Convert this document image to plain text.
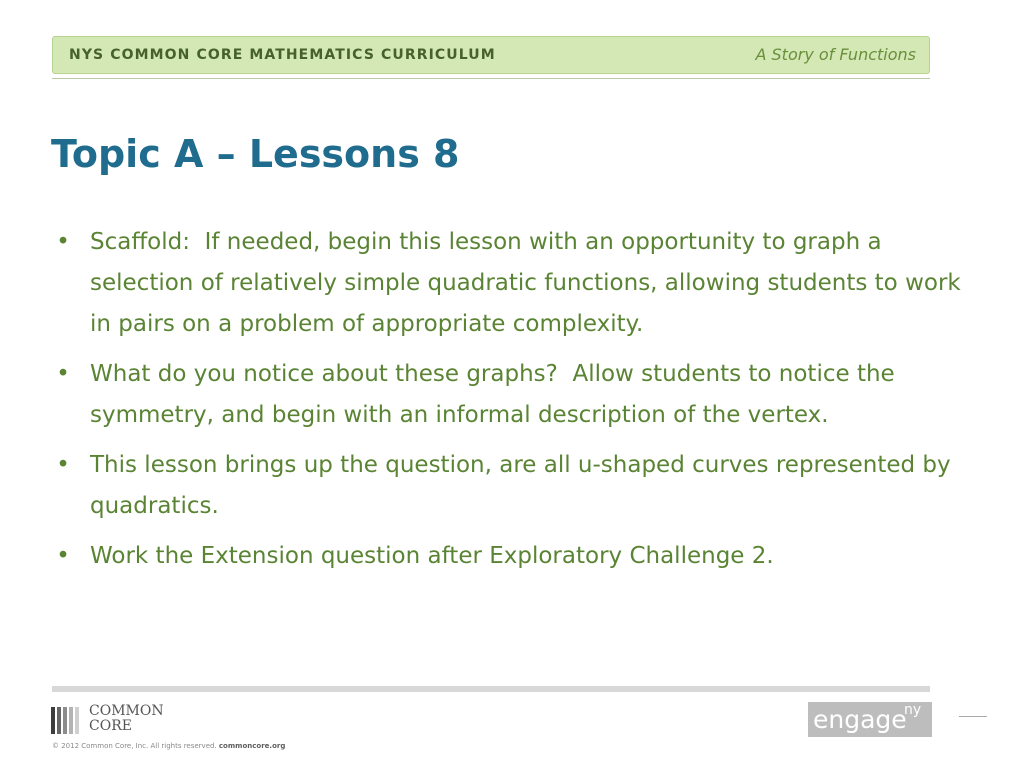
NYS COMMON CORE MATHEMATICS CURRICULUM	A Story of Functions
Topic A – Lessons 8
• Scaffold:  If needed, begin this lesson with an opportunity to graph a selection of relatively simple quadratic functions, allowing students to work in pairs on a problem of appropriate complexity.
• What do you notice about these graphs?  Allow students to notice the symmetry, and begin with an informal description of the vertex.
• This lesson brings up the question, are all u-shaped curves represented by quadratics.
• Work the Extension question after Exploratory Challenge 2.
COMMON
CORE
© 2012 Common Core, Inc. All rights reserved. commoncore.org
engage
ny
